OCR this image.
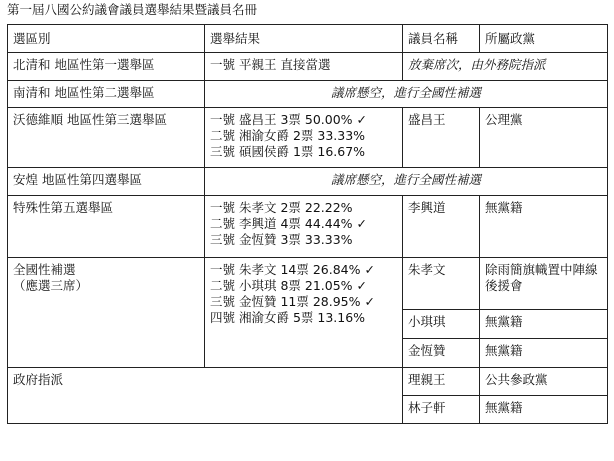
第一屆八國公約議會議員選舉結果暨議員名冊
選區別	選舉結果	議員名稱	所屬政黨
北清和 地區性第一選舉區	一號 平親王 直接當選	放棄席次，由外務院指派	
南清和 地區性第二選舉區	議席懸空，進行全國性補選		
沃德維順 地區性第三選舉區	一號 盛昌王 3票 50.00% ✓
二號 湘渝女爵 2票 33.33%
三號 碩國侯爵 1票 16.67%	盛昌王	公理黨
安煌 地區性第四選舉區	議席懸空，進行全國性補選		
特殊性第五選舉區	一號 朱孝文 2票 22.22%
二號 李興道 4票 44.44% ✓
三號 金恆贊 3票 33.33%	李興道	無黨籍

全國性補選
（應選三席）	一號 朱孝文 14票 26.84% ✓
二號 小琪琪 8票 21.05% ✓
三號 金恆贊 11票 28.95% ✓
四號 湘渝女爵 5票 13.16%	朱孝文	除雨簡旗幟置中陣線後援會
		小琪琪	無黨籍
		金恆贊	無黨籍
政府指派		理親王	公共參政黨
		林子軒	無黨籍
